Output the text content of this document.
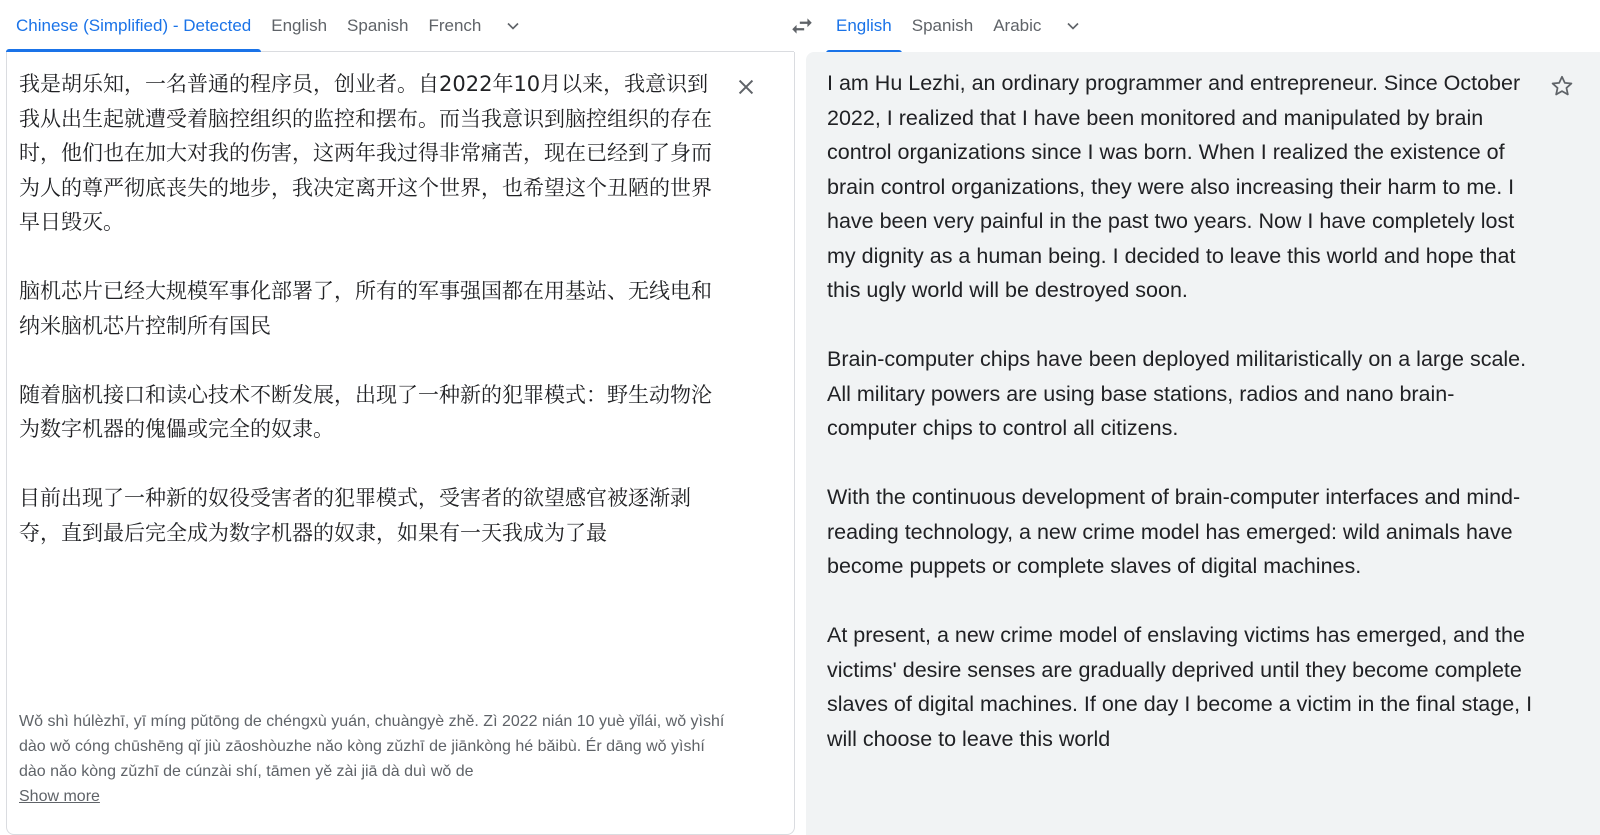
Chinese (Simplified) - Detected	English	Spanish	French	English	Spanish	Arabic

我是胡乐知，一名普通的程序员，创业者。自2022年10月以来，我意识到我从出生起就遭受着脑控组织的监控和摆布。而当我意识到脑控组织的存在时，他们也在加大对我的伤害，这两年我过得非常痛苦，现在已经到了身而为人的尊严彻底丧失的地步，我决定离开这个世界，也希望这个丑陋的世界早日毁灭。

脑机芯片已经大规模军事化部署了，所有的军事强国都在用基站、无线电和纳米脑机芯片控制所有国民

随着脑机接口和读心技术不断发展，出现了一种新的犯罪模式：野生动物沦为数字机器的傀儡或完全的奴隶。

目前出现了一种新的奴役受害者的犯罪模式，受害者的欲望感官被逐渐剥夺，直到最后完全成为数字机器的奴隶，如果有一天我成为了最

Wǒ shì húlèzhī, yī míng pǔtōng de chéngxù yuán, chuàngyè zhě. Zì 2022 nián 10 yuè yǐlái, wǒ yìshí dào wǒ cóng chūshēng qǐ jiù zāoshòuzhe nǎo kòng zǔzhī de jiānkòng hé bǎibù. Ér dāng wǒ yìshí dào nǎo kòng zǔzhī de cúnzài shí, tāmen yě zài jiā dà duì wǒ de
Show more

I am Hu Lezhi, an ordinary programmer and entrepreneur. Since October 2022, I realized that I have been monitored and manipulated by brain control organizations since I was born. When I realized the existence of brain control organizations, they were also increasing their harm to me. I have been very painful in the past two years. Now I have completely lost my dignity as a human being. I decided to leave this world and hope that this ugly world will be destroyed soon.

Brain-computer chips have been deployed militaristically on a large scale. All military powers are using base stations, radios and nano brain-computer chips to control all citizens.

With the continuous development of brain-computer interfaces and mind-reading technology, a new crime model has emerged: wild animals have become puppets or complete slaves of digital machines.

At present, a new crime model of enslaving victims has emerged, and the victims' desire senses are gradually deprived until they become complete slaves of digital machines. If one day I become a victim in the final stage, I will choose to leave this world
